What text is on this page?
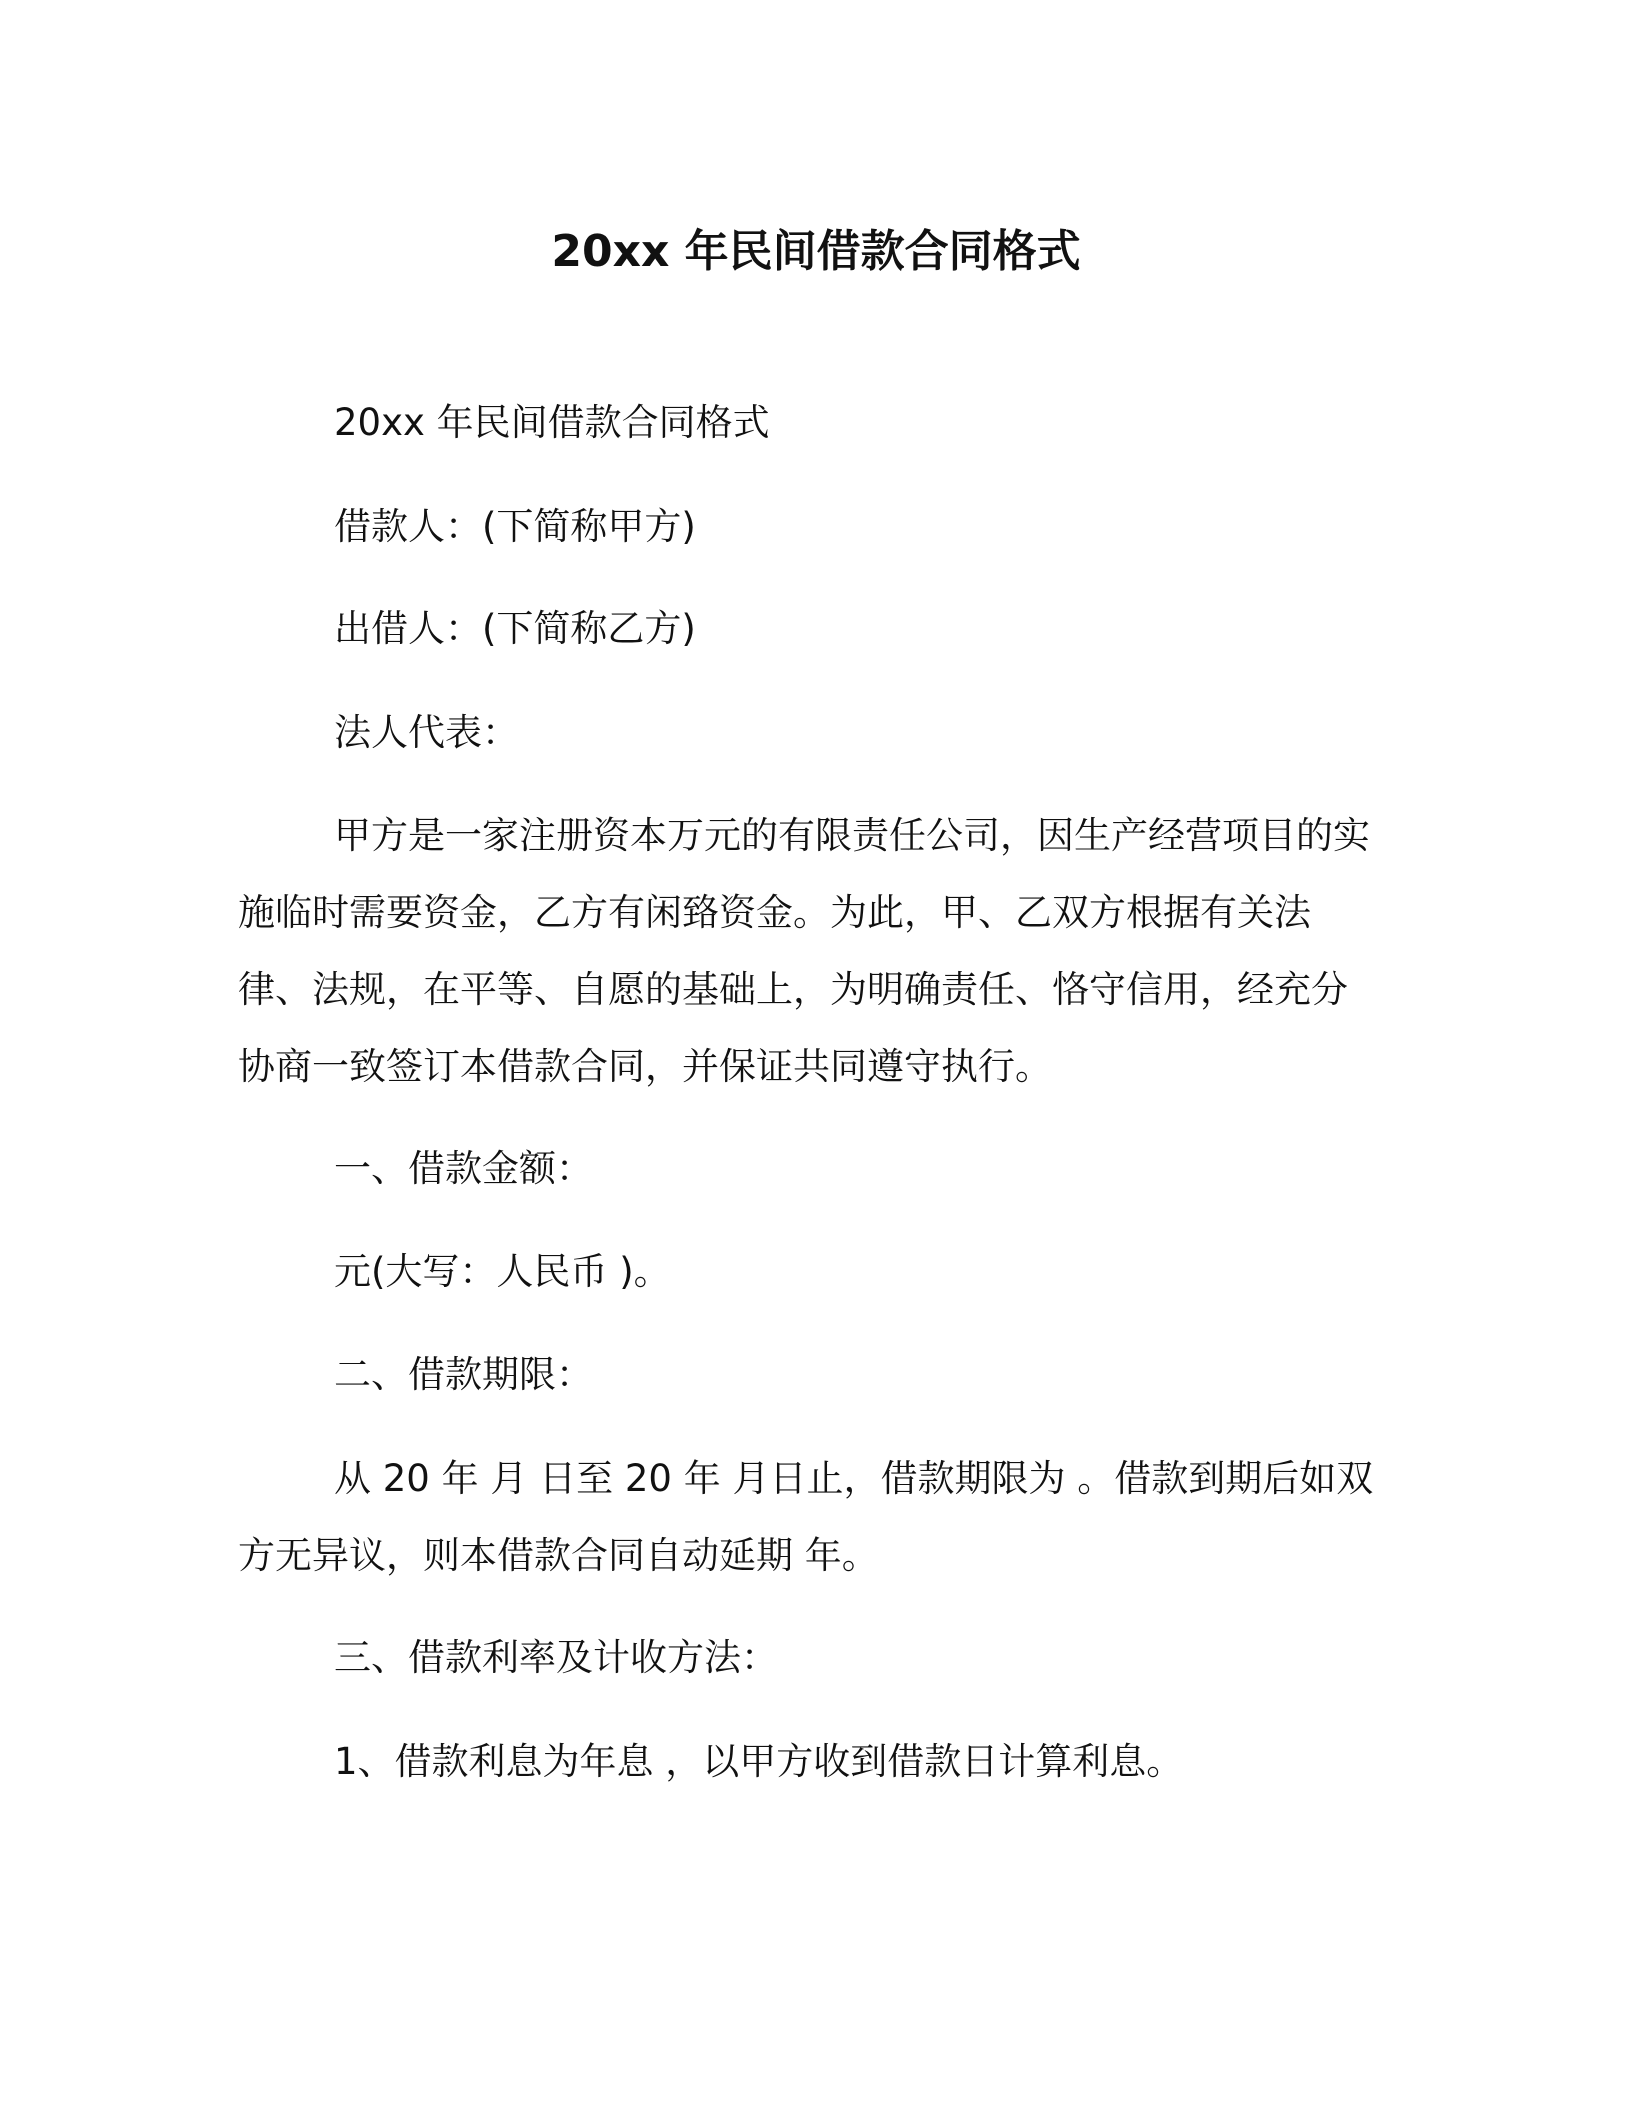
20xx 年民间借款合同格式

20xx 年民间借款合同格式

借款人：(下简称甲方)

出借人：(下简称乙方)

法人代表：

甲方是一家注册资本万元的有限责任公司，因生产经营项目的实施临时需要资金，乙方有闲臵资金。为此，甲、乙双方根据有关法律、法规，在平等、自愿的基础上，为明确责任、恪守信用，经充分协商一致签订本借款合同，并保证共同遵守执行。

一、借款金额：

元(大写：人民币 )。

二、借款期限：

从 20 年 月 日至 20 年 月日止，借款期限为 。借款到期后如双方无异议，则本借款合同自动延期 年。

三、借款利率及计收方法：

1、借款利息为年息 ，以甲方收到借款日计算利息。
